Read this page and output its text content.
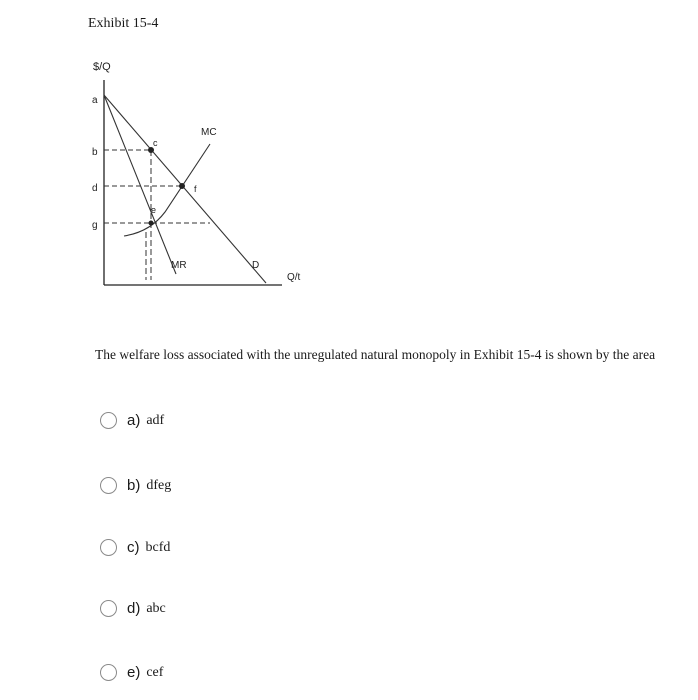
Exhibit 15-4
$/Q
Q/t
a
b
d
g
c
f
e
MC
MR	D
The welfare loss associated with the unregulated natural monopoly in Exhibit 15-4 is shown by the area
a) adf
b) dfeg
c) bcfd
d) abc
e) cef
